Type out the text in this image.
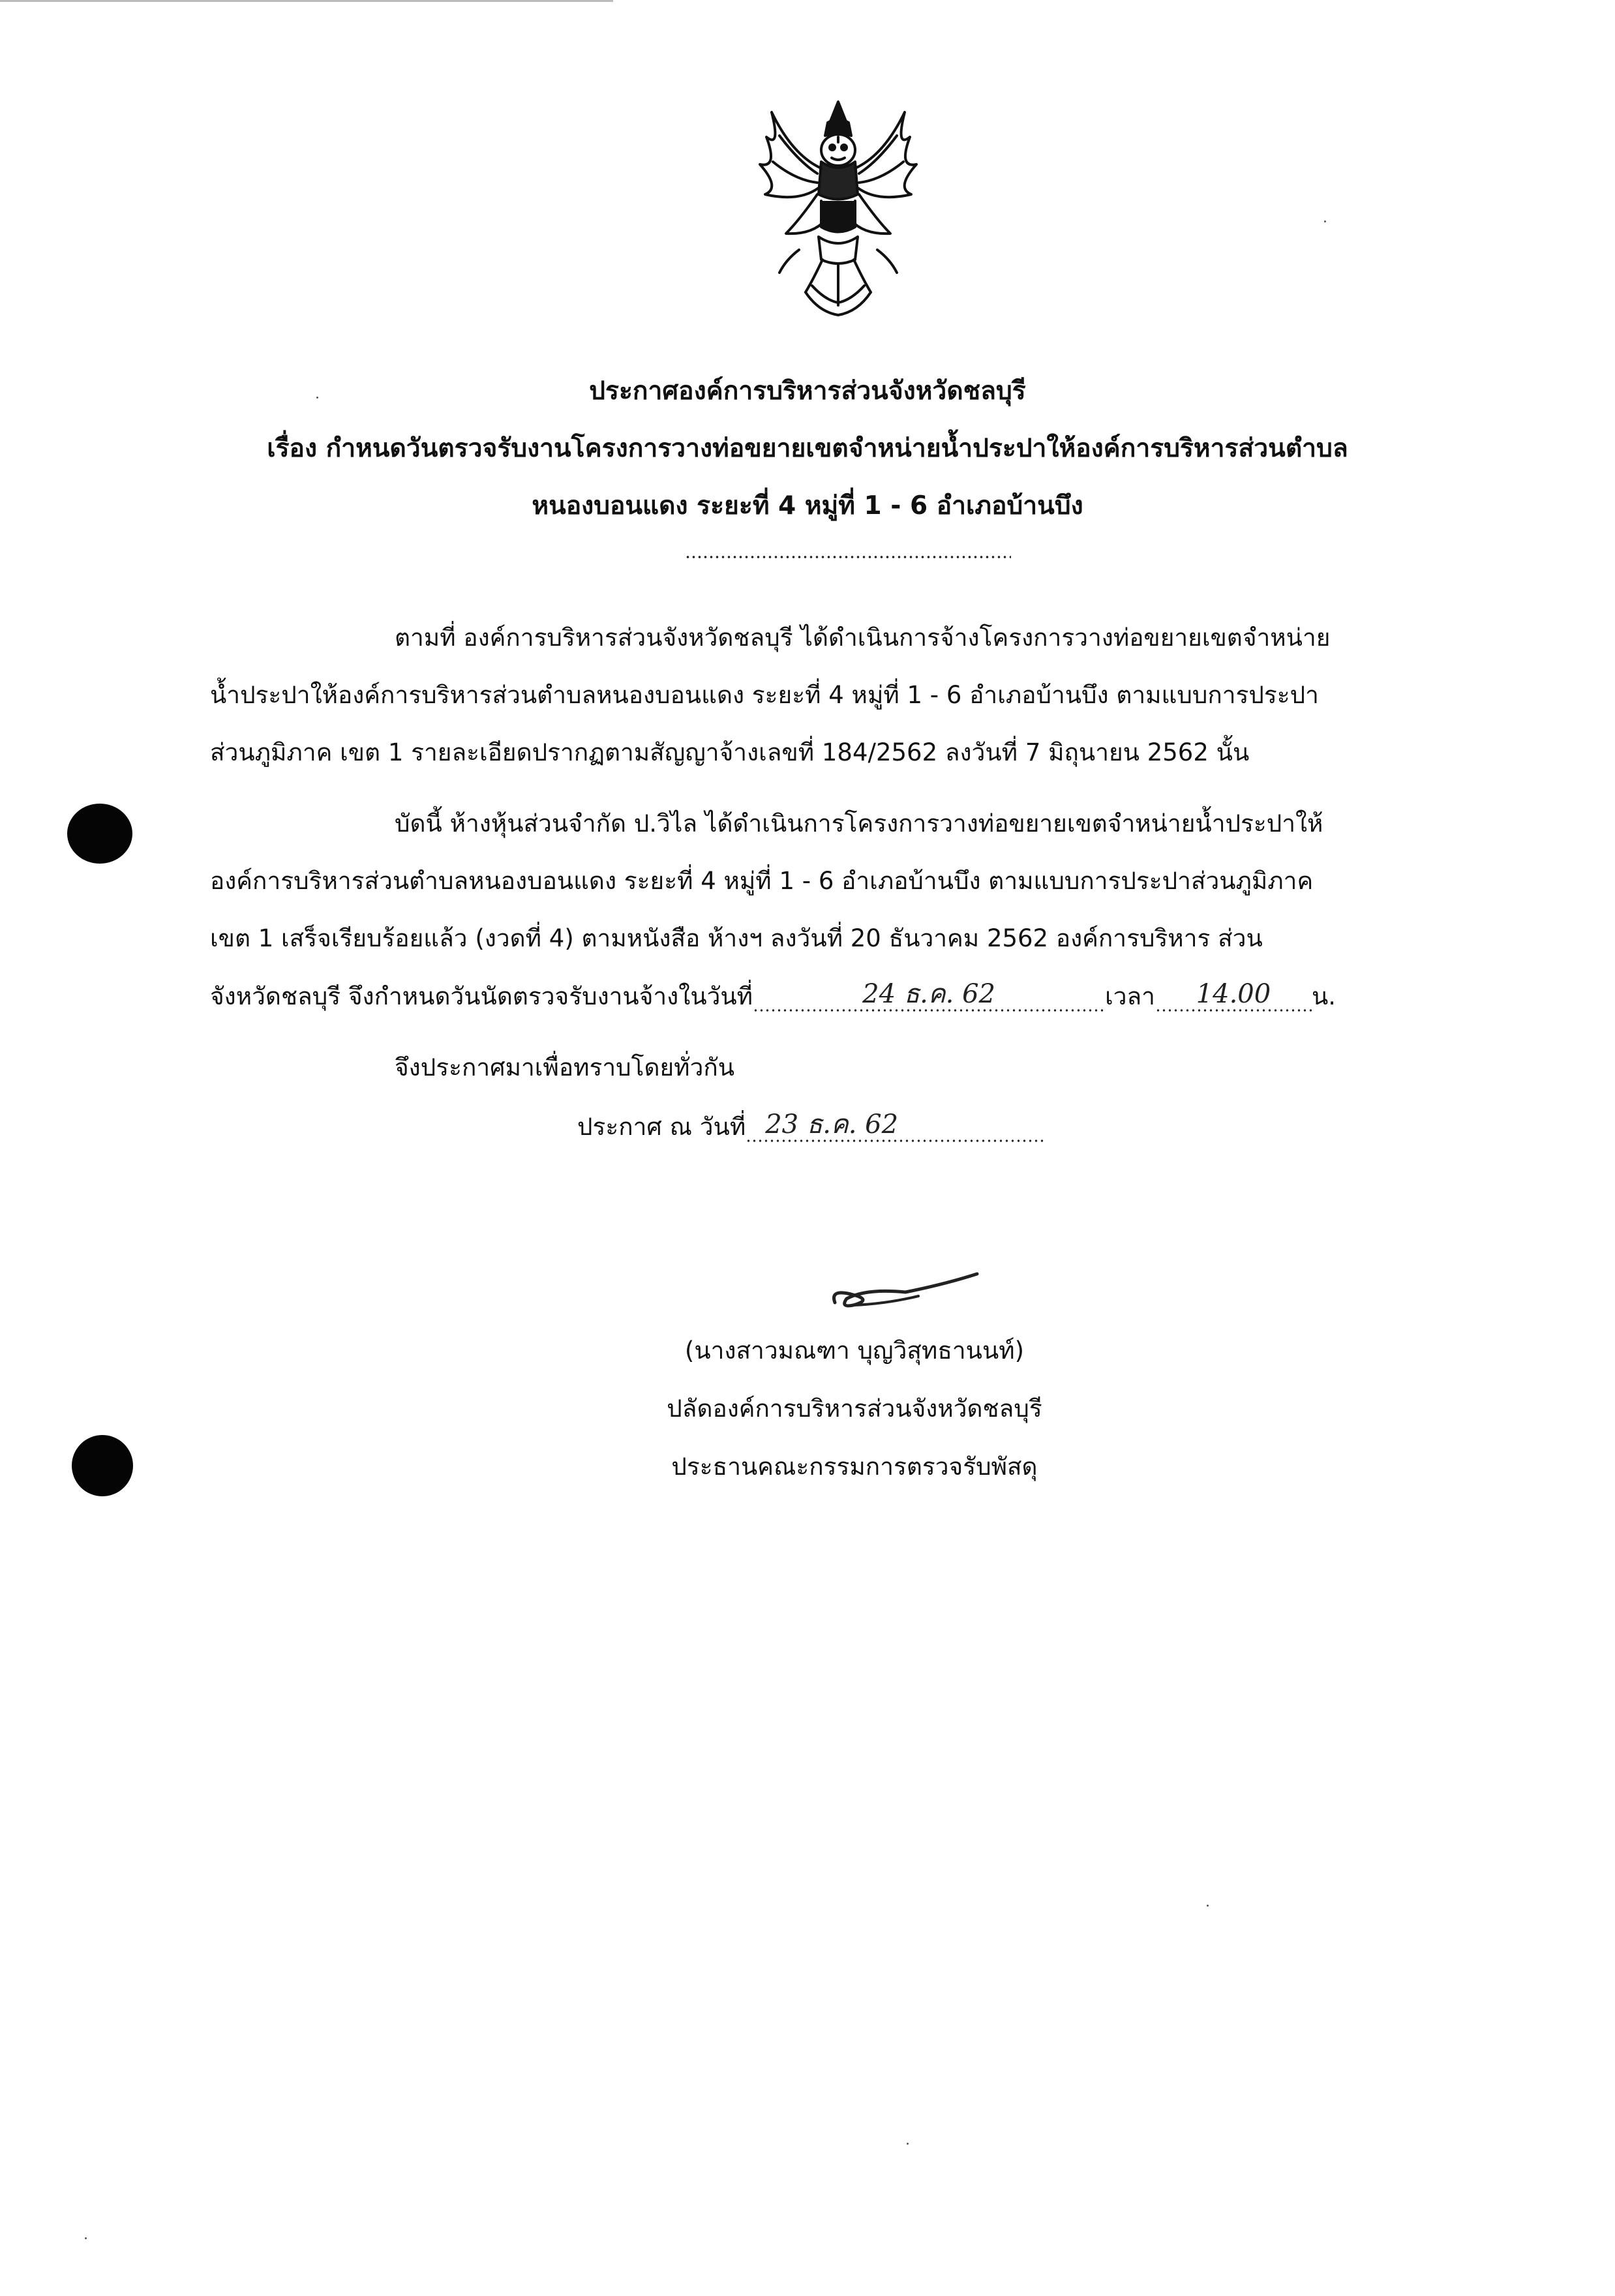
ประกาศองค์การบริหารส่วนจังหวัดชลบุรี
เรื่อง กำหนดวันตรวจรับงานโครงการวางท่อขยายเขตจำหน่ายน้ำประปาให้องค์การบริหารส่วนตำบล
หนองบอนแดง ระยะที่ 4 หมู่ที่ 1 - 6 อำเภอบ้านบึง
ตามที่ องค์การบริหารส่วนจังหวัดชลบุรี ได้ดำเนินการจ้างโครงการวางท่อขยายเขตจำหน่าย
น้ำประปาให้องค์การบริหารส่วนตำบลหนองบอนแดง ระยะที่ 4 หมู่ที่ 1 - 6 อำเภอบ้านบึง ตามแบบการประปา
ส่วนภูมิภาค เขต 1 รายละเอียดปรากฏตามสัญญาจ้างเลขที่ 184/2562 ลงวันที่ 7 มิถุนายน 2562 นั้น
บัดนี้ ห้างหุ้นส่วนจำกัด ป.วิไล ได้ดำเนินการโครงการวางท่อขยายเขตจำหน่ายน้ำประปาให้
องค์การบริหารส่วนตำบลหนองบอนแดง ระยะที่ 4 หมู่ที่ 1 - 6 อำเภอบ้านบึง ตามแบบการประปาส่วนภูมิภาค
เขต 1 เสร็จเรียบร้อยแล้ว (งวดที่ 4) ตามหนังสือ ห้างฯ ลงวันที่ 20 ธันวาคม 2562 องค์การบริหาร ส่วน
จังหวัดชลบุรี จึงกำหนดวันนัดตรวจรับงานจ้างในวันที่	24 ธ.ค. 62	เวลา	14.00	น.
จึงประกาศมาเพื่อทราบโดยทั่วกัน
ประกาศ ณ วันที่ 23 ธ.ค. 62
(นางสาวมณฑา บุญวิสุทธานนท์)
ปลัดองค์การบริหารส่วนจังหวัดชลบุรี
ประธานคณะกรรมการตรวจรับพัสดุ
